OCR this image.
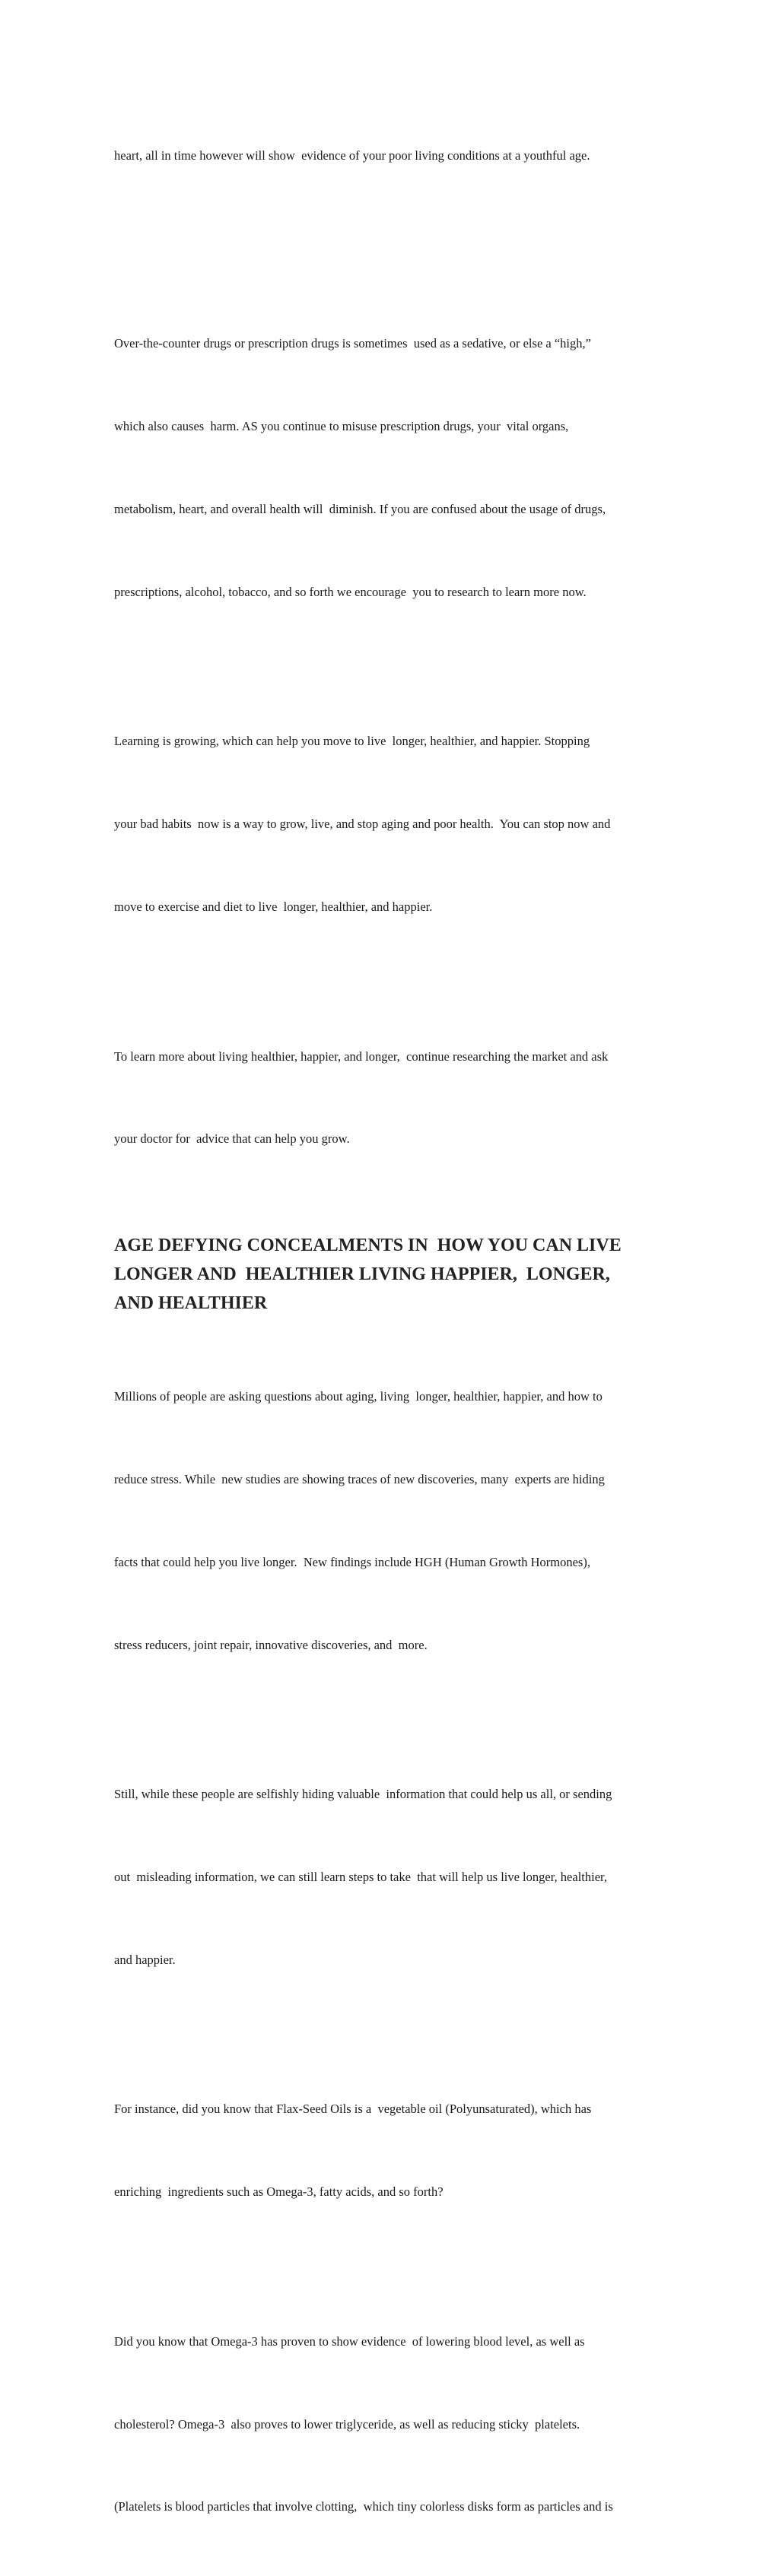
heart, all in time however will show  evidence of your poor living conditions at a youthful age.

Over-the-counter drugs or prescription drugs is sometimes  used as a sedative, or else a “high,”

which also causes  harm. AS you continue to misuse prescription drugs, your  vital organs,

metabolism, heart, and overall health will  diminish. If you are confused about the usage of drugs,

prescriptions, alcohol, tobacco, and so forth we encourage  you to research to learn more now.

Learning is growing, which can help you move to live  longer, healthier, and happier. Stopping

your bad habits  now is a way to grow, live, and stop aging and poor health.  You can stop now and

move to exercise and diet to live  longer, healthier, and happier.

To learn more about living healthier, happier, and longer,  continue researching the market and ask

your doctor for  advice that can help you grow.

AGE DEFYING CONCEALMENTS IN  HOW YOU CAN LIVE
LONGER AND  HEALTHIER LIVING HAPPIER,  LONGER,
AND HEALTHIER

Millions of people are asking questions about aging, living  longer, healthier, happier, and how to

reduce stress. While  new studies are showing traces of new discoveries, many  experts are hiding

facts that could help you live longer.  New findings include HGH (Human Growth Hormones),

stress reducers, joint repair, innovative discoveries, and  more.

Still, while these people are selfishly hiding valuable  information that could help us all, or sending

out  misleading information, we can still learn steps to take  that will help us live longer, healthier,

and happier.

For instance, did you know that Flax-Seed Oils is a  vegetable oil (Polyunsaturated), which has

enriching  ingredients such as Omega-3, fatty acids, and so forth?

Did you know that Omega-3 has proven to show evidence  of lowering blood level, as well as

cholesterol? Omega-3  also proves to lower triglyceride, as well as reducing sticky  platelets.

(Platelets is blood particles that involve clotting,  which tiny colorless disks form as particles and is
